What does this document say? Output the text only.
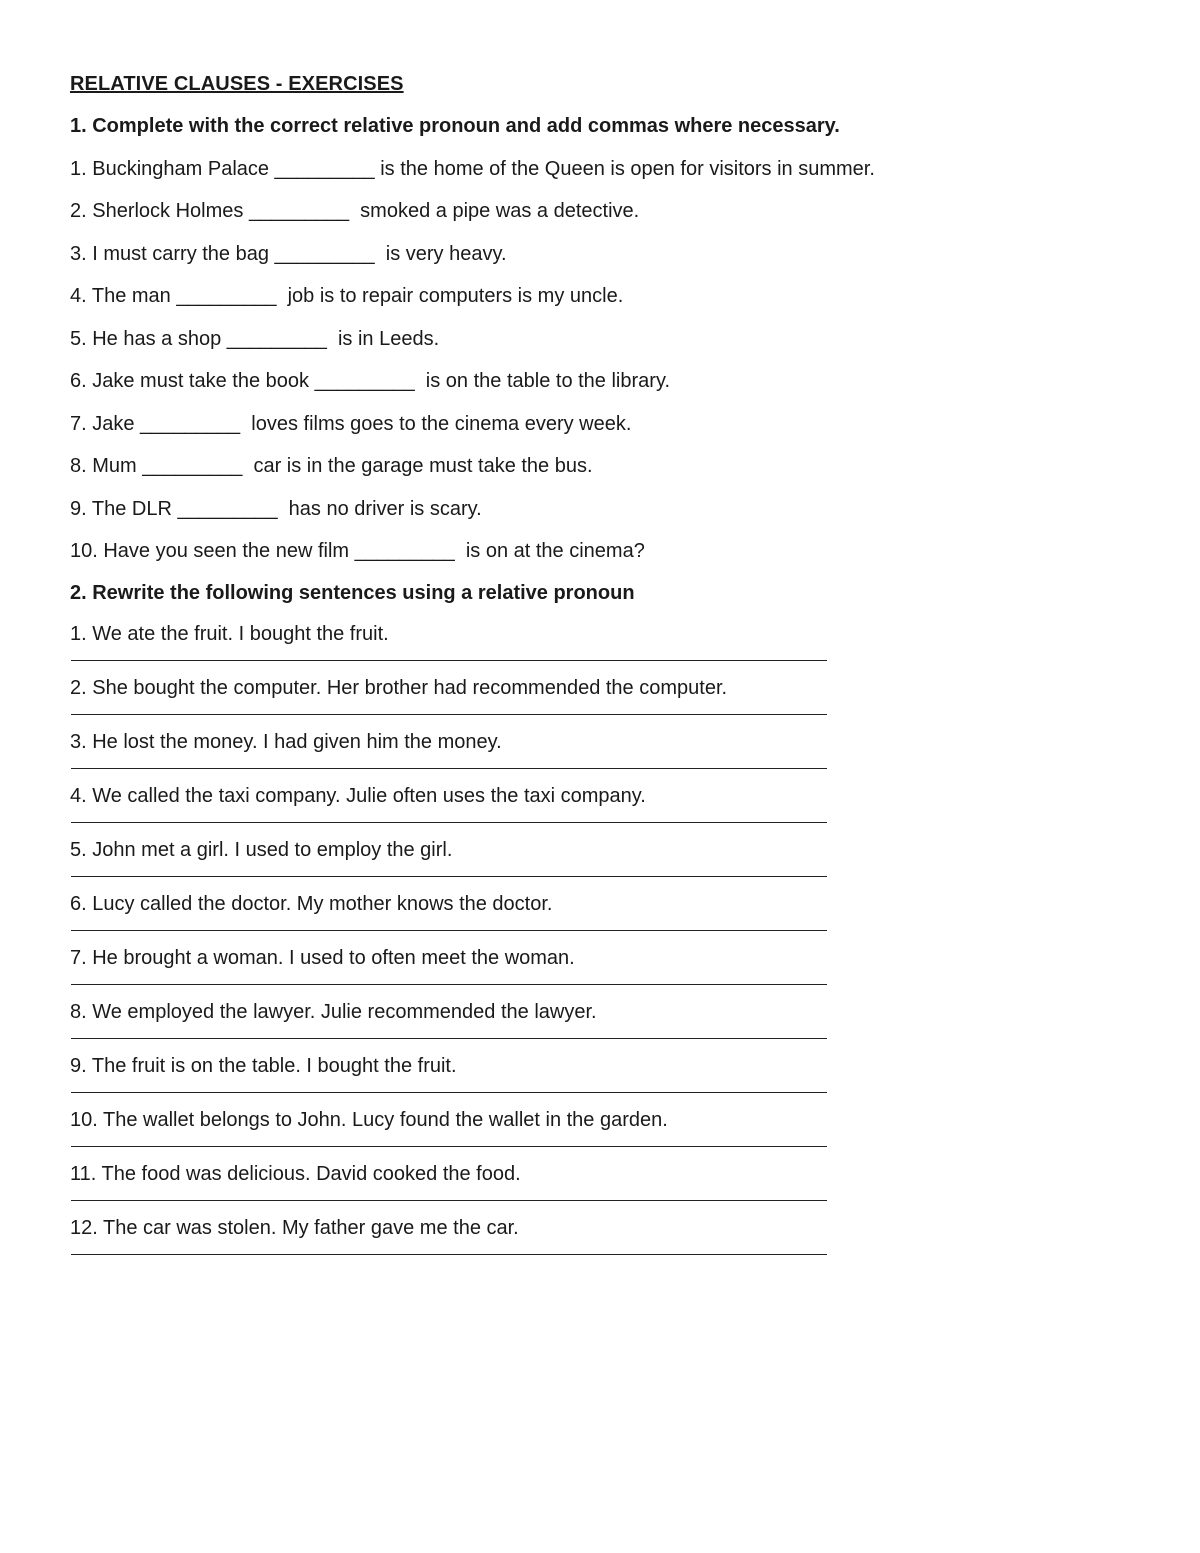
RELATIVE CLAUSES - EXERCISES

1. Complete with the correct relative pronoun and add commas where necessary.

1. Buckingham Palace _________ is the home of the Queen is open for visitors in summer.

2. Sherlock Holmes _________  smoked a pipe was a detective.

3. I must carry the bag _________  is very heavy.

4. The man _________  job is to repair computers is my uncle.

5. He has a shop _________  is in Leeds.

6. Jake must take the book _________  is on the table to the library.

7. Jake _________  loves films goes to the cinema every week.

8. Mum _________  car is in the garage must take the bus.

9. The DLR _________  has no driver is scary.

10. Have you seen the new film _________  is on at the cinema?

2. Rewrite the following sentences using a relative pronoun

1. We ate the fruit. I bought the fruit.

2. She bought the computer. Her brother had recommended the computer.

3. He lost the money. I had given him the money.

4. We called the taxi company. Julie often uses the taxi company.

5. John met a girl. I used to employ the girl.

6. Lucy called the doctor. My mother knows the doctor.

7. He brought a woman. I used to often meet the woman.

8. We employed the lawyer. Julie recommended the lawyer.

9. The fruit is on the table. I bought the fruit.

10. The wallet belongs to John. Lucy found the wallet in the garden.

11. The food was delicious. David cooked the food.

12. The car was stolen. My father gave me the car.
